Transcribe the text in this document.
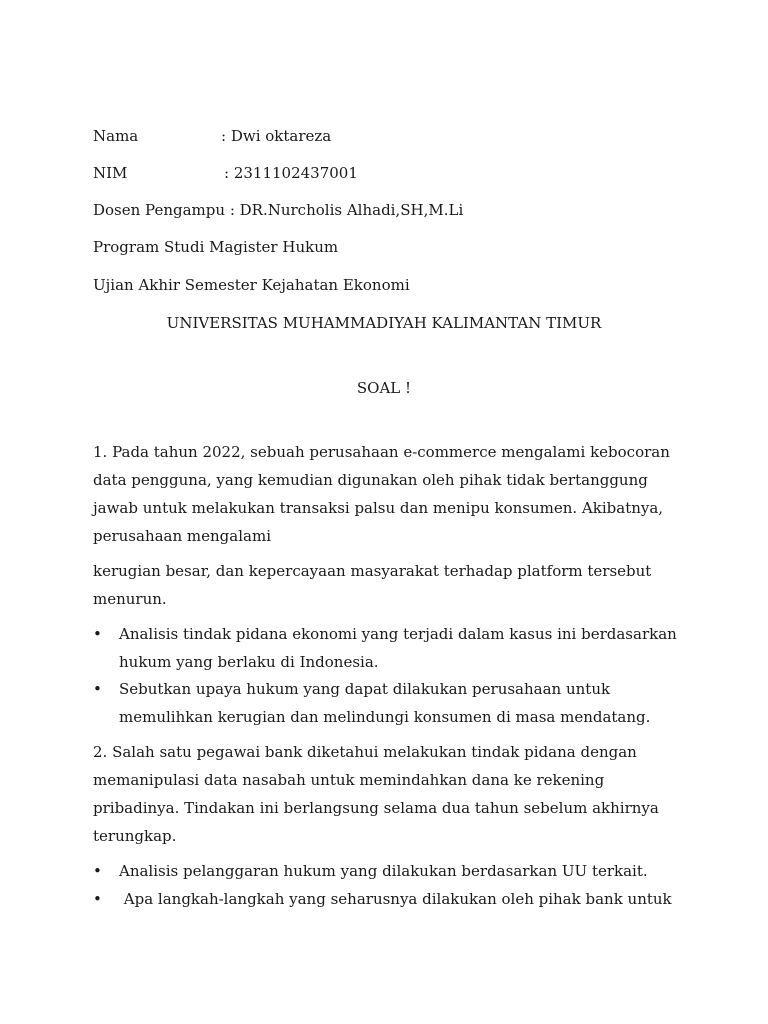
Nama	: Dwi oktareza
NIM	: 2311102437001
Dosen Pengampu : DR.Nurcholis Alhadi,SH,M.Li
Program Studi Magister Hukum
Ujian Akhir Semester Kejahatan Ekonomi
UNIVERSITAS MUHAMMADIYAH KALIMANTAN TIMUR
SOAL !

1. Pada tahun 2022, sebuah perusahaan e-commerce mengalami kebocoran data pengguna, yang kemudian digunakan oleh pihak tidak bertanggung jawab untuk melakukan transaksi palsu dan menipu konsumen. Akibatnya, perusahaan mengalami

kerugian besar, dan kepercayaan masyarakat terhadap platform tersebut menurun.

• Analisis tindak pidana ekonomi yang terjadi dalam kasus ini berdasarkan hukum yang berlaku di Indonesia.

• Sebutkan upaya hukum yang dapat dilakukan perusahaan untuk memulihkan kerugian dan melindungi konsumen di masa mendatang.

2. Salah satu pegawai bank diketahui melakukan tindak pidana dengan memanipulasi data nasabah untuk memindahkan dana ke rekening pribadinya. Tindakan ini berlangsung selama dua tahun sebelum akhirnya terungkap.

• Analisis pelanggaran hukum yang dilakukan berdasarkan UU terkait.

• Apa langkah-langkah yang seharusnya dilakukan oleh pihak bank untuk
